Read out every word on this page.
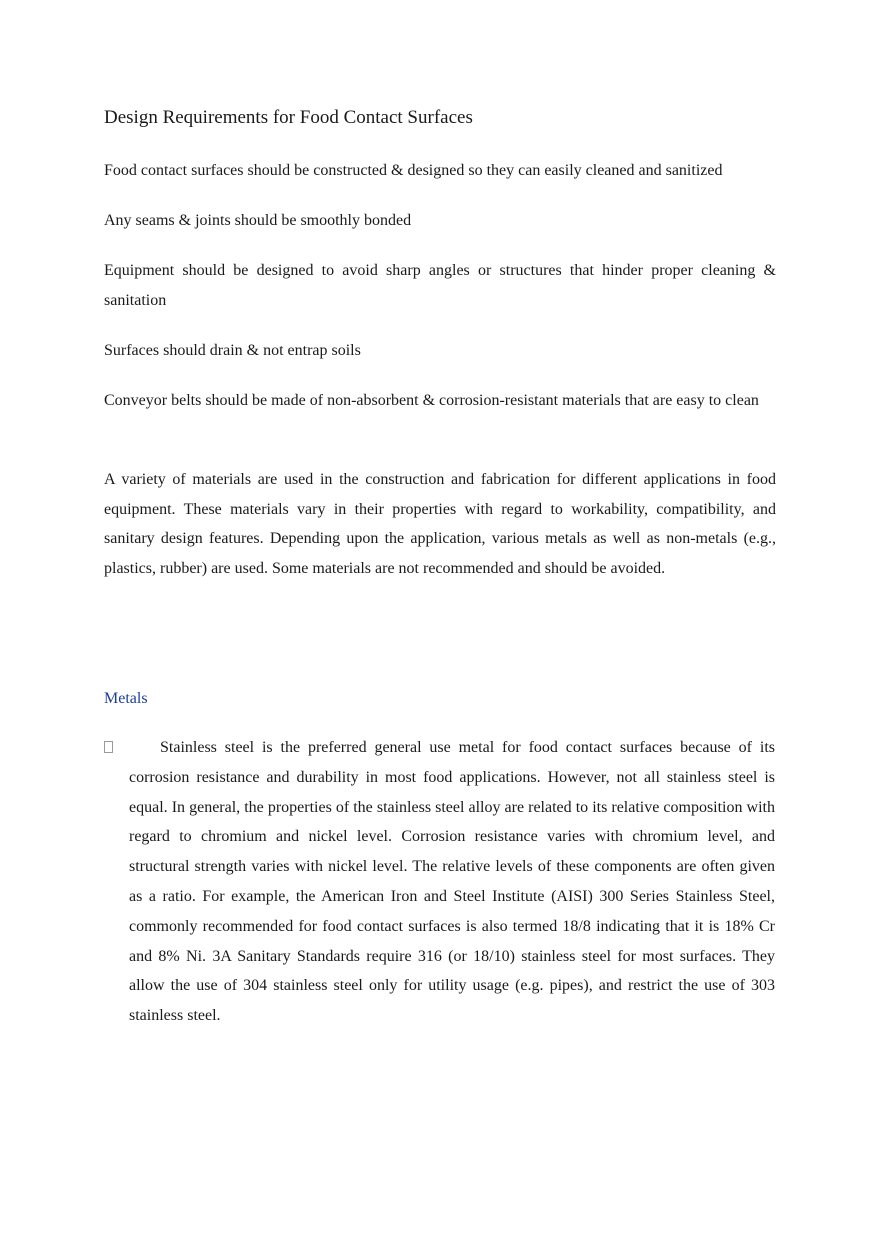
Design Requirements for Food Contact Surfaces

Food contact surfaces should be constructed & designed so they can easily cleaned and sanitized

Any seams & joints should be smoothly bonded

Equipment should be designed to avoid sharp angles or structures that hinder proper cleaning & sanitation

Surfaces should drain & not entrap soils

Conveyor belts should be made of non-absorbent & corrosion-resistant materials that are easy to clean

A variety of materials are used in the construction and fabrication for different applications in food equipment. These materials vary in their properties with regard to workability, compatibility, and sanitary design features. Depending upon the application, various metals as well as non-metals (e.g., plastics, rubber) are used. Some materials are not recommended and should be avoided.

Metals

Stainless steel is the preferred general use metal for food contact surfaces because of its corrosion resistance and durability in most food applications. However, not all stainless steel is equal. In general, the properties of the stainless steel alloy are related to its relative composition with regard to chromium and nickel level. Corrosion resistance varies with chromium level, and structural strength varies with nickel level. The relative levels of these components are often given as a ratio. For example, the American Iron and Steel Institute (AISI) 300 Series Stainless Steel, commonly recommended for food contact surfaces is also termed 18/8 indicating that it is 18% Cr and 8% Ni. 3A Sanitary Standards require 316 (or 18/10) stainless steel for most surfaces. They allow the use of 304 stainless steel only for utility usage (e.g. pipes), and restrict the use of 303 stainless steel.
